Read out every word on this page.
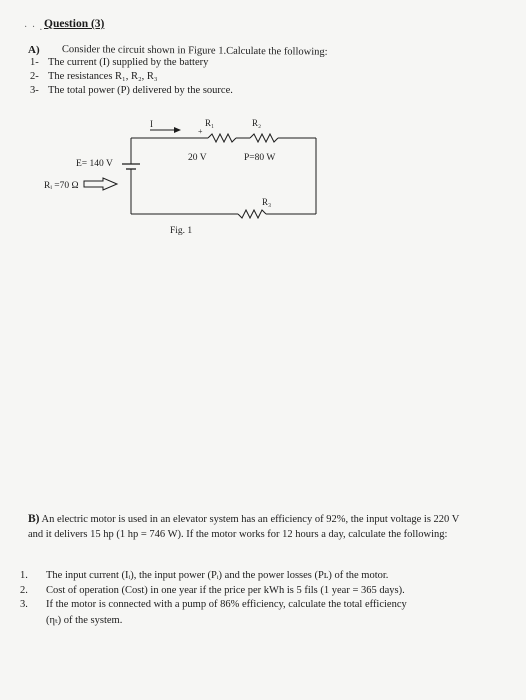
· · . Question (3)
A) Consider the circuit shown in Figure 1.Calculate the following:
1- The current (I) supplied by the battery
2- The resistances R₁, R₂, R₃
3- The total power (P) delivered by the source.
I	R₁	R₂
R₃
+
20 V	P=80 W
E= 140 V
Rᵢ =70 Ω
Fig. 1
B) An electric motor is used in an elevator system has an efficiency of 92%, the input voltage is 220 V and it delivers 15 hp (1 hp = 746 W). If the motor works for 12 hours a day, calculate the following:
1. The input current (Iᵢ), the input power (Pᵢ) and the power losses (Pʟ) of the motor.
2. Cost of operation (Cost) in one year if the price per kWh is 5 fils (1 year = 365 days).
3. If the motor is connected with a pump of 86% efficiency, calculate the total efficiency
(ηₜ) of the system.
